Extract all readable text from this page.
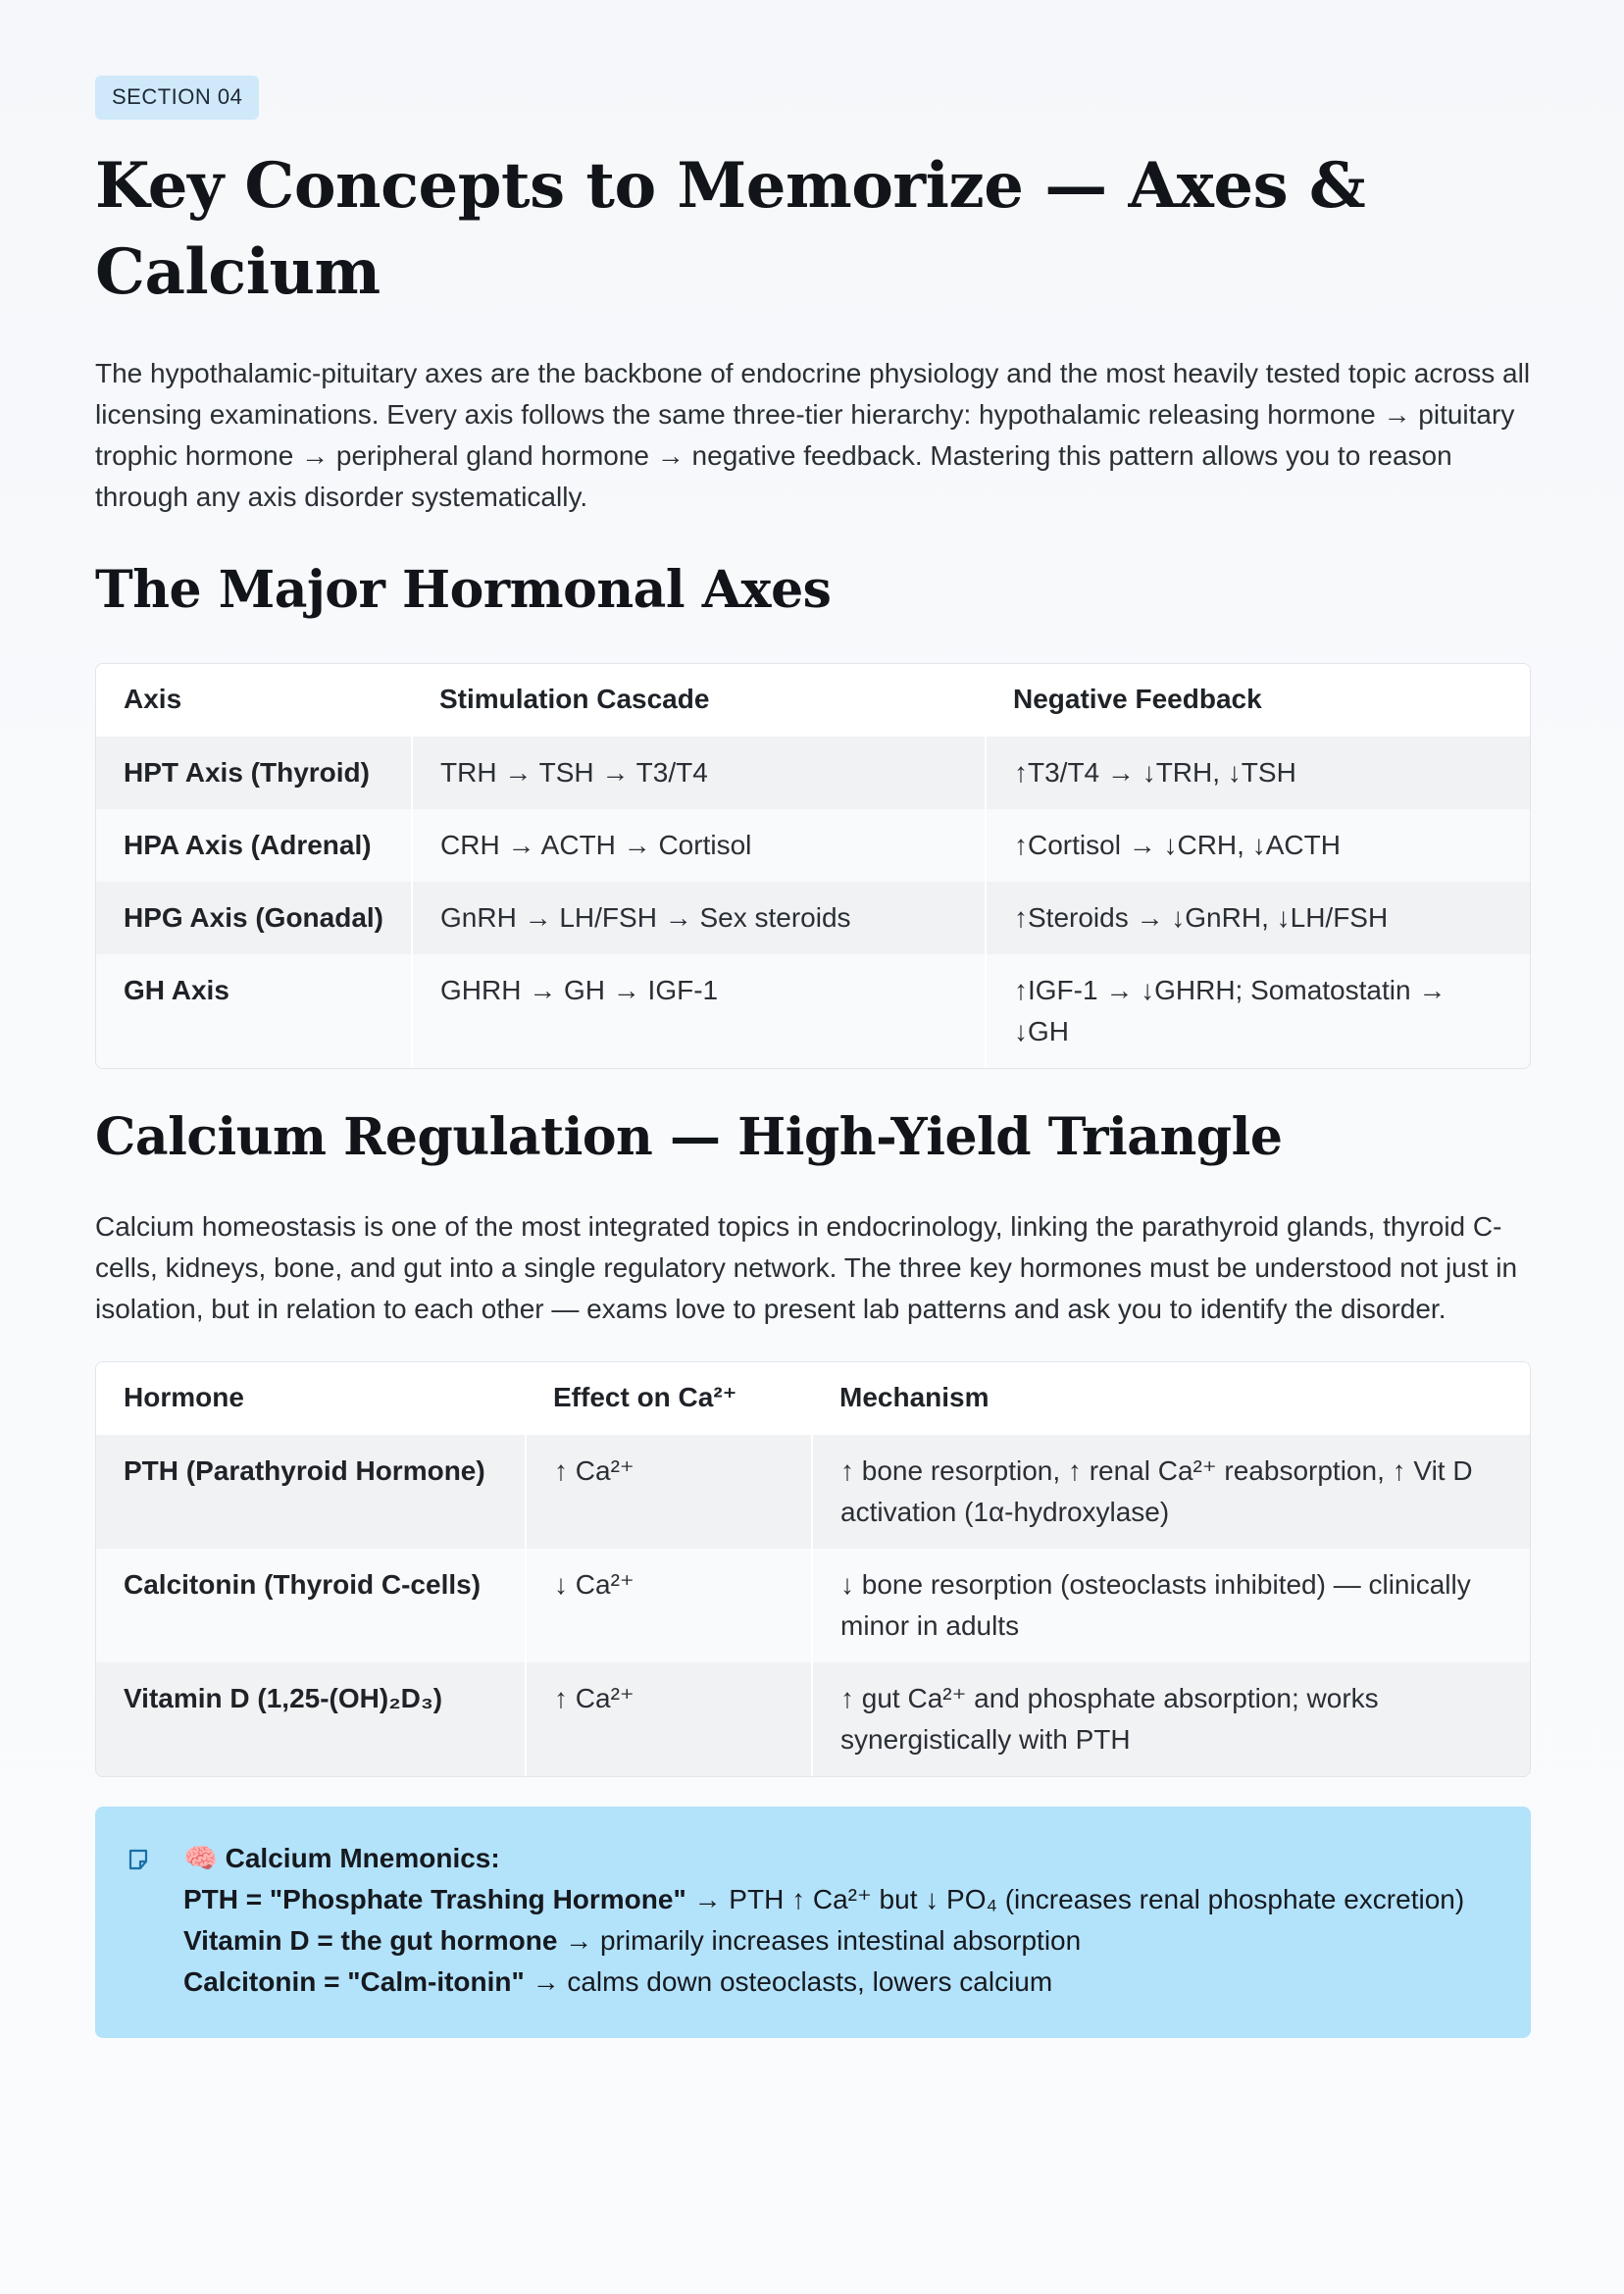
SECTION 04
Key Concepts to Memorize — Axes & Calcium

The hypothalamic-pituitary axes are the backbone of endocrine physiology and the most heavily tested topic across all licensing examinations. Every axis follows the same three-tier hierarchy: hypothalamic releasing hormone → pituitary trophic hormone → peripheral gland hormone → negative feedback. Mastering this pattern allows you to reason through any axis disorder systematically.

The Major Hormonal Axes
Axis	Stimulation Cascade	Negative Feedback
HPT Axis (Thyroid)	TRH → TSH → T3/T4	↑T3/T4 → ↓TRH, ↓TSH
HPA Axis (Adrenal)	CRH → ACTH → Cortisol	↑Cortisol → ↓CRH, ↓ACTH
HPG Axis (Gonadal)	GnRH → LH/FSH → Sex steroids	↑Steroids → ↓GnRH, ↓LH/FSH
GH Axis	GHRH → GH → IGF-1	↑IGF-1 → ↓GHRH; Somatostatin → ↓GH
Calcium Regulation — High-Yield Triangle

Calcium homeostasis is one of the most integrated topics in endocrinology, linking the parathyroid glands, thyroid C-cells, kidneys, bone, and gut into a single regulatory network. The three key hormones must be understood not just in isolation, but in relation to each other — exams love to present lab patterns and ask you to identify the disorder.

Hormone	Effect on Ca²⁺	Mechanism
PTH (Parathyroid Hormone)	↑ Ca²⁺	↑ bone resorption, ↑ renal Ca²⁺ reabsorption, ↑ Vit D activation (1α-hydroxylase)
Calcitonin (Thyroid C-cells)	↓ Ca²⁺	↓ bone resorption (osteoclasts inhibited) — clinically minor in adults
Vitamin D (1,25-(OH)₂D₃)	↑ Ca²⁺	↑ gut Ca²⁺ and phosphate absorption; works synergistically with PTH
🧠 Calcium Mnemonics:
PTH = "Phosphate Trashing Hormone" → PTH ↑ Ca²⁺ but ↓ PO₄ (increases renal phosphate excretion)
Vitamin D = the gut hormone → primarily increases intestinal absorption
Calcitonin = "Calm-itonin" → calms down osteoclasts, lowers calcium
